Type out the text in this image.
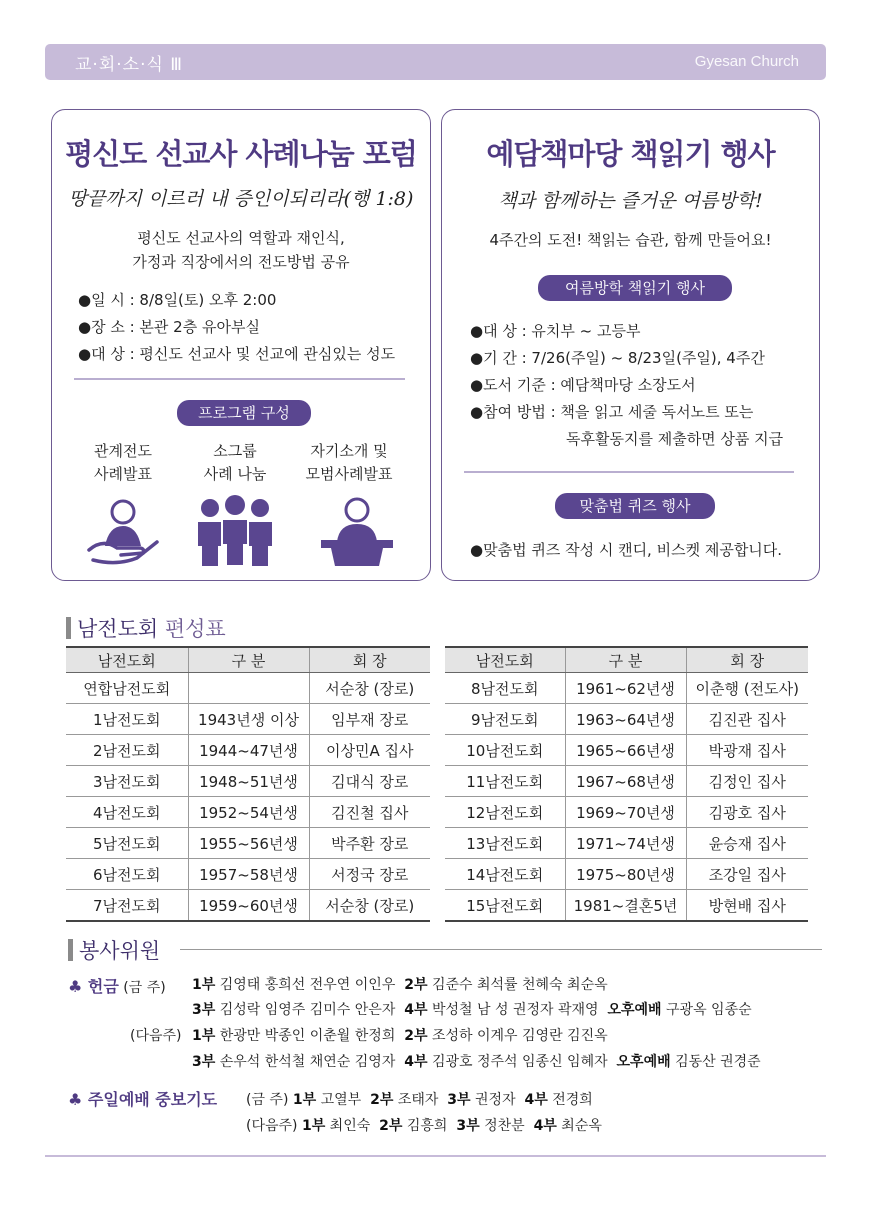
교·회·소·식 Ⅲ	Gyesan Church
평신도 선교사 사례나눔 포럼
땅끝까지 이르러 내 증인이되리라(행 1:8)
평신도 선교사의 역할과 재인식,
가정과 직장에서의 전도방법 공유
●일 시 : 8/8일(토) 오후 2:00
●장 소 : 본관 2층 유아부실
●대 상 : 평신도 선교사 및 선교에 관심있는 성도
프로그램 구성
관계전도
사례발표
소그룹
사례 나눔
자기소개 및
모범사례발표
예담책마당 책읽기 행사
책과 함께하는 즐거운 여름방학!
4주간의 도전! 책읽는 습관, 함께 만들어요!
여름방학 책읽기 행사
●대 상 : 유치부 ~ 고등부
●기 간 : 7/26(주일) ~ 8/23일(주일), 4주간
●도서 기준 : 예담책마당 소장도서
●참여 방법 : 책을 읽고 세줄 독서노트 또는
독후활동지를 제출하면 상품 지급
맞춤법 퀴즈 행사
●맞춤법 퀴즈 작성 시 캔디, 비스켓 제공합니다.
남전도회 편성표
남전도회	구 분	회 장
연합남전도회		서순창 (장로)
1남전도회	1943년생 이상	임부재 장로
2남전도회	1944~47년생	이상민A 집사
3남전도회	1948~51년생	김대식 장로
4남전도회	1952~54년생	김진철 집사
5남전도회	1955~56년생	박주환 장로
6남전도회	1957~58년생	서정국 장로
7남전도회	1959~60년생	서순창 (장로)
남전도회	구 분	회 장
8남전도회	1961~62년생	이춘행 (전도사)
9남전도회	1963~64년생	김진관 집사
10남전도회	1965~66년생	박광재 집사
11남전도회	1967~68년생	김정인 집사
12남전도회	1969~70년생	김광호 집사
13남전도회	1971~74년생	윤승재 집사
14남전도회	1975~80년생	조강일 집사
15남전도회	1981~결혼5년	방현배 집사
봉사위원
♣ 헌금 (금 주) 1부 김영태 홍희선 전우연 이인우 2부 김준수 최석률 천혜숙 최순옥
3부 김성락 임영주 김미수 안은자 4부 박성철 남 성 권정자 곽재영 오후예배 구광옥 임종순
(다음주) 1부 한광만 박종인 이춘월 한정희 2부 조성하 이계우 김영란 김진옥
3부 손우석 한석철 채연순 김영자 4부 김광호 정주석 임종신 임혜자 오후예배 김동산 권경준
♣ 주일예배 중보기도 (금 주) 1부 고열부 2부 조태자 3부 권정자 4부 전경희
(다음주) 1부 최인숙 2부 김흥희 3부 정찬분 4부 최순옥
